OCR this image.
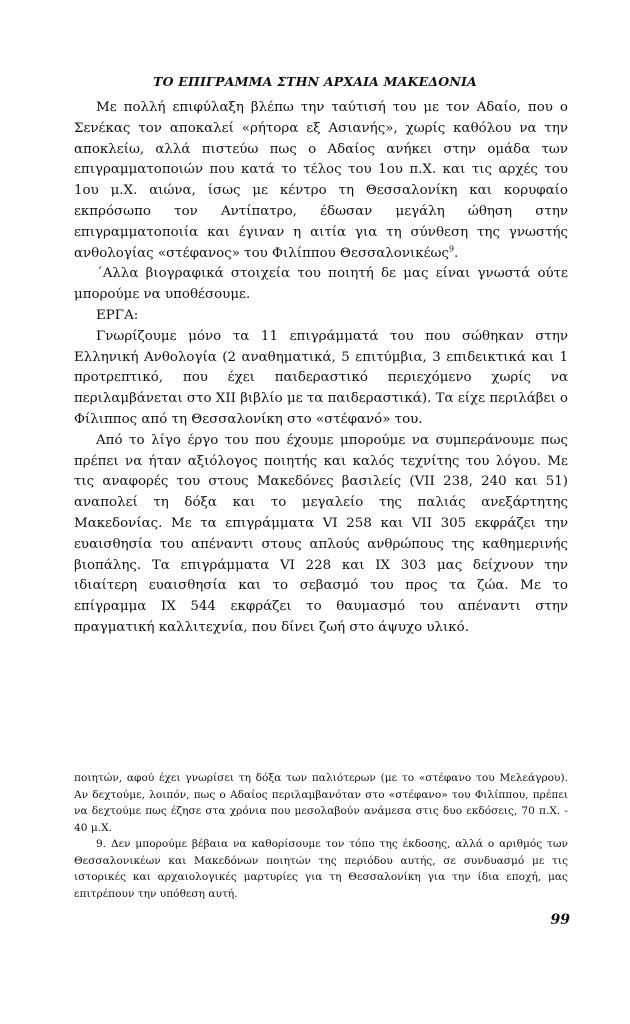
ΤΟ ΕΠΙΓΡΑΜΜΑ ΣΤΗΝ ΑΡΧΑΙΑ ΜΑΚΕΔΟΝΙΑ

Με πολλή επιφύλαξη βλέπω την ταύτισή του με τον Αδαίο, που ο Σενέκας τον αποκαλεί «ρήτορα εξ Ασιανής», χωρίς καθόλου να την αποκλείω, αλλά πιστεύω πως ο Αδαίος ανήκει στην ομάδα των επιγραμματοποιών που κατά το τέλος του 1ου π.Χ. και τις αρχές του 1ου μ.Χ. αιώνα, ίσως με κέντρο τη Θεσσαλονίκη και κορυφαίο εκπρόσωπο τον Αντίπατρο, έδωσαν μεγάλη ώθηση στην επιγραμματοποιία και έγιναν η αιτία για τη σύνθεση της γνωστής ανθολογίας «στέφανος» του Φιλίππου Θεσσαλονικέως$^9$.

΄Αλλα βιογραφικά στοιχεία του ποιητή δε μας είναι γνωστά ούτε μπορούμε να υποθέσουμε.

ΕΡΓΑ:

Γνωρίζουμε μόνο τα 11 επιγράμματά του που σώθηκαν στην Ελληνική Ανθολογία (2 αναθηματικά, 5 επιτύμβια, 3 επιδεικτικά και 1 προτρεπτικό, που έχει παιδεραστικό περιεχόμενο χωρίς να περιλαμβάνεται στο XII βιβλίο με τα παιδεραστικά). Τα είχε περιλάβει ο Φίλιππος από τη Θεσσαλονίκη στο «στέφανό» του.

Από το λίγο έργο του που έχουμε μπορούμε να συμπεράνουμε πως πρέπει να ήταν αξιόλογος ποιητής και καλός τεχνίτης του λόγου. Με τις αναφορές του στους Μακεδόνες βασιλείς (VII 238, 240 και 51) αναπολεί τη δόξα και το μεγαλείο της παλιάς ανεξάρτητης Μακεδονίας. Με τα επιγράμματα VI 258 και VII 305 εκφράζει την ευαισθησία του απέναντι στους απλούς ανθρώπους της καθημερινής βιοπάλης. Τα επιγράμματα VI 228 και IX 303 μας δείχνουν την ιδιαίτερη ευαισθησία και το σεβασμό του προς τα ζώα. Με το επίγραμμα IX 544 εκφράζει το θαυμασμό του απέναντι στην πραγματική καλλιτεχνία, που δίνει ζωή στο άψυχο υλικό.

ποιητών, αφού έχει γνωρίσει τη δόξα των παλιότερων (με το «στέφανο του Μελεάγρου). Αν δεχτούμε, λοιπόν, πως ο Αδαίος περιλαμβανόταν στο «στέφανο» του Φιλίππου, πρέπει να δεχτούμε πως έζησε στα χρόνια που μεσολαβούν ανάμεσα στις δυο εκδόσεις, 70 π.Χ. - 40 μ.Χ.

9. Δεν μπορούμε βέβαια να καθορίσουμε τον τόπο της έκδοσης, αλλά ο αριθμός των Θεσσαλονικέων και Μακεδόνων ποιητών της περιόδου αυτής, σε συνδυασμό με τις ιστορικές και αρχαιολογικές μαρτυρίες για τη Θεσσαλονίκη για την ίδια εποχή, μας επιτρέπουν την υπόθεση αυτή.

99
